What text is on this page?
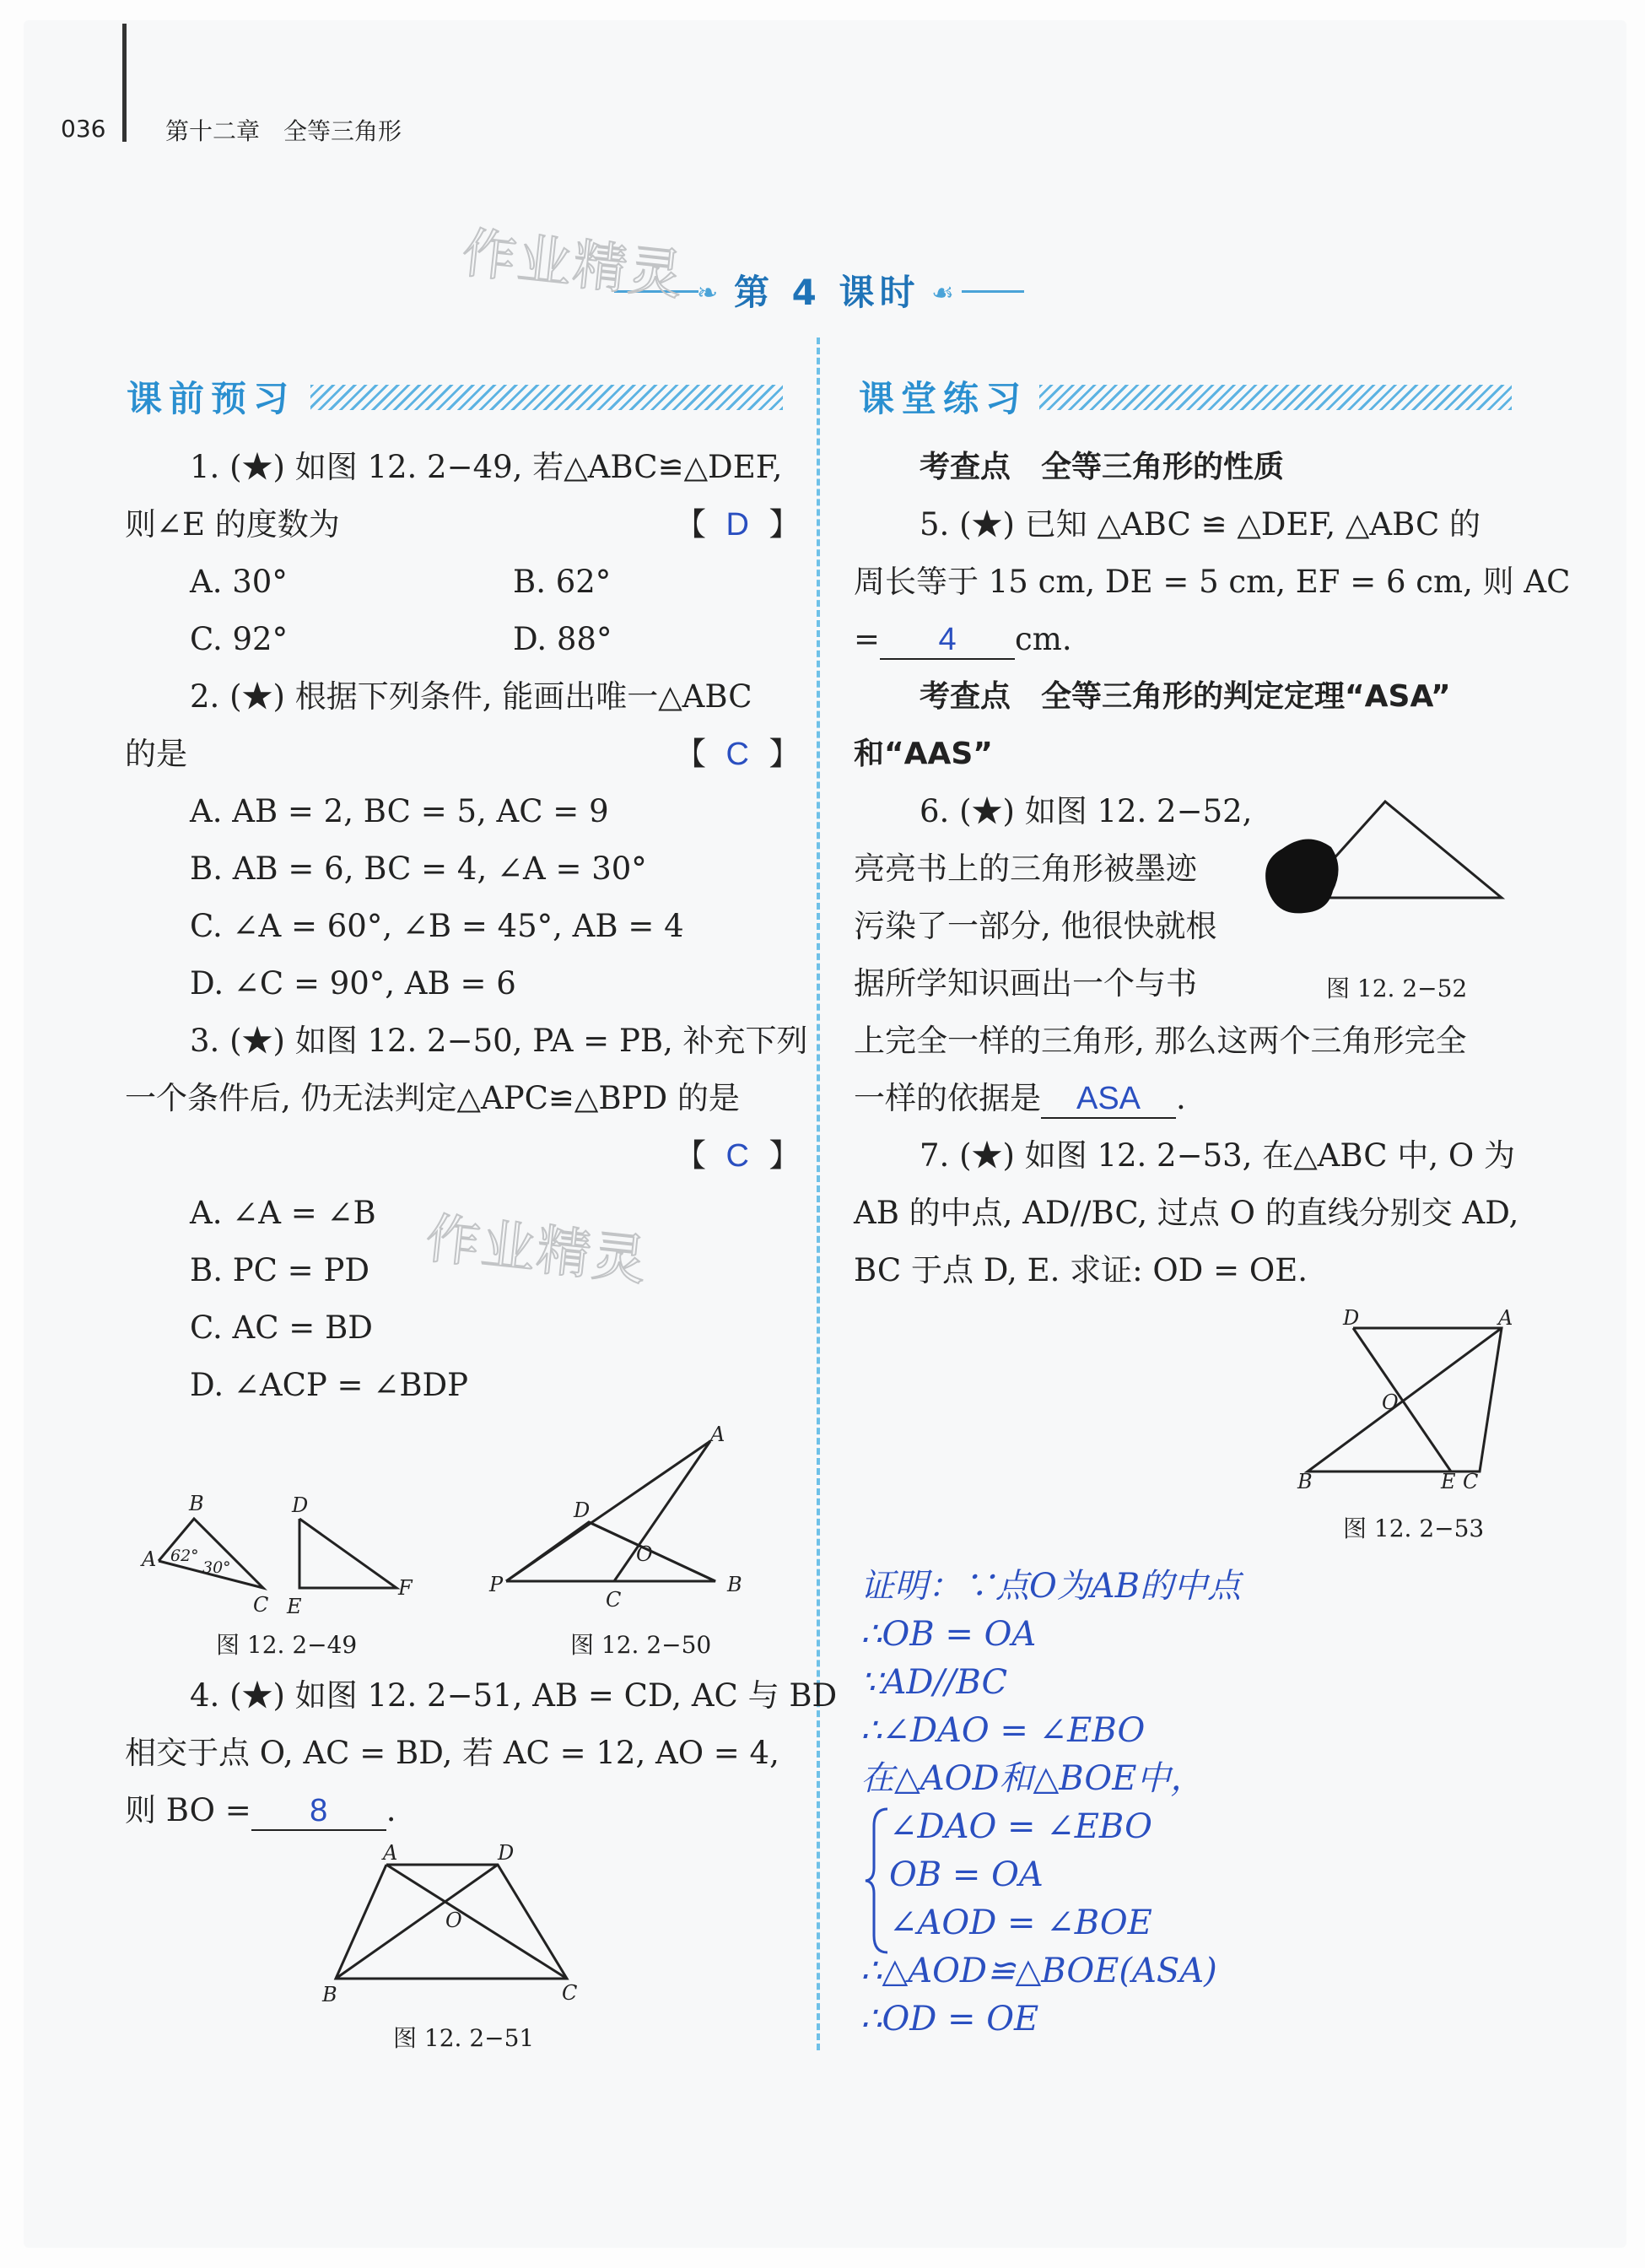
036	第十二章　全等三角形
❧ 第 4 课时 ☙
作业精灵
作业精灵
课前预习	课堂练习
1. (★) 如图 12. 2−49, 若△ABC≌△DEF,
则∠E 的度数为	【  D  】
A. 30°	B. 62°
C. 92°	D. 88°
2. (★) 根据下列条件, 能画出唯一△ABC
的是	【  C  】
A. AB = 2, BC = 5, AC = 9
B. AB = 6, BC = 4, ∠A = 30°
C. ∠A = 60°, ∠B = 45°, AB = 4
D. ∠C = 90°, AB = 6
3. (★) 如图 12. 2−50, PA = PB, 补充下列
一个条件后, 仍无法判定△APC≌△BPD 的是
【  C  】
A. ∠A = ∠B
B. PC = PD
C. AC = BD
D. ∠ACP = ∠BDP
A
B
C
D
E
F
62°
30°
图 12. 2−49
A
B
C
D
P
O
图 12. 2−50
4. (★) 如图 12. 2−51, AB = CD, AC 与 BD
相交于点 O, AC = BD, 若 AC = 12, AO = 4,
则 BO = 8 .
A	D
O
B	C
图 12. 2−51
考查点　全等三角形的性质
5. (★) 已知 △ABC ≌ △DEF, △ABC 的
周长等于 15 cm, DE = 5 cm, EF = 6 cm, 则 AC
= 4 cm.
考查点　全等三角形的判定定理“ASA”
和“AAS”
6. (★) 如图 12. 2−52,
亮亮书上的三角形被墨迹
污染了一部分, 他很快就根
据所学知识画出一个与书
上完全一样的三角形, 那么这两个三角形完全
一样的依据是 ASA .
图 12. 2−52
7. (★) 如图 12. 2−53, 在△ABC 中, O 为
AB 的中点, AD//BC, 过点 O 的直线分别交 AD,
BC 于点 D, E. 求证: OD = OE.
D	A
O
B	E C
图 12. 2−53
证明：∵点O为AB的中点
∴OB = OA
∵AD//BC
∴∠DAO = ∠EBO
在△AOD和△BOE中，
∠DAO = ∠EBO
OB = OA
∠AOD = ∠BOE
∴△AOD≌△BOE(ASA)
∴OD = OE
